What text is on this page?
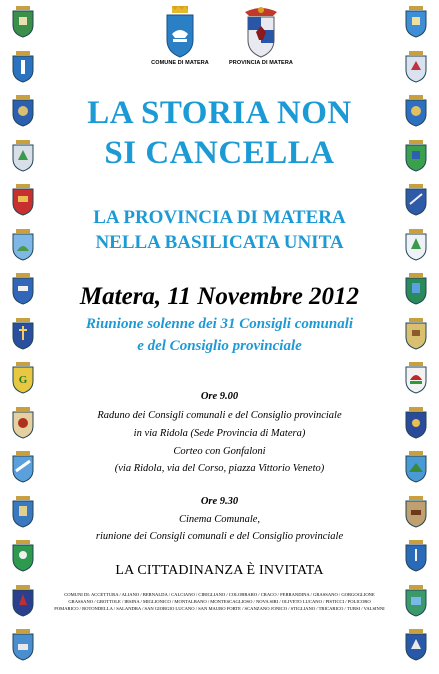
COMUNE DI MATERA	PROVINCIA DI MATERA
G
LA STORIA NON
SI CANCELLA
LA PROVINCIA DI MATERA
NELLA BASILICATA UNITA
Matera, 11 Novembre 2012
Riunione solenne dei 31 Consigli comunali
e del Consiglio provinciale
Ore 9.00
Raduno dei Consigli comunali e del Consiglio provinciale
in via Ridola (Sede Provincia di Matera)
Corteo con Gonfaloni
(via Ridola, via del Corso, piazza Vittorio Veneto)
Ore 9.30
Cinema Comunale,
riunione dei Consigli comunali e del Consiglio provinciale
LA CITTADINANZA È INVITATA
COMUNI DI: ACCETTURA / ALIANO / BERNALDA / CALCIANO / CIRIGLIANO / COLOBRARO / CRACO / FERRANDINA / GRASSANO / GORGOGLIONE
GRASSANO / GROTTOLE / IRSINA / MIGLIONICO / MONTALBANO / MONTESCAGLIOSO / NOVA SIRI / OLIVETO LUCANO / PISTICCI / POLICORO
POMARICO / ROTONDELLA / SALANDRA / SAN GIORGIO LUCANO / SAN MAURO FORTE / SCANZANO JONICO / STIGLIANO / TRICARICO / TURSI / VALSINNI
